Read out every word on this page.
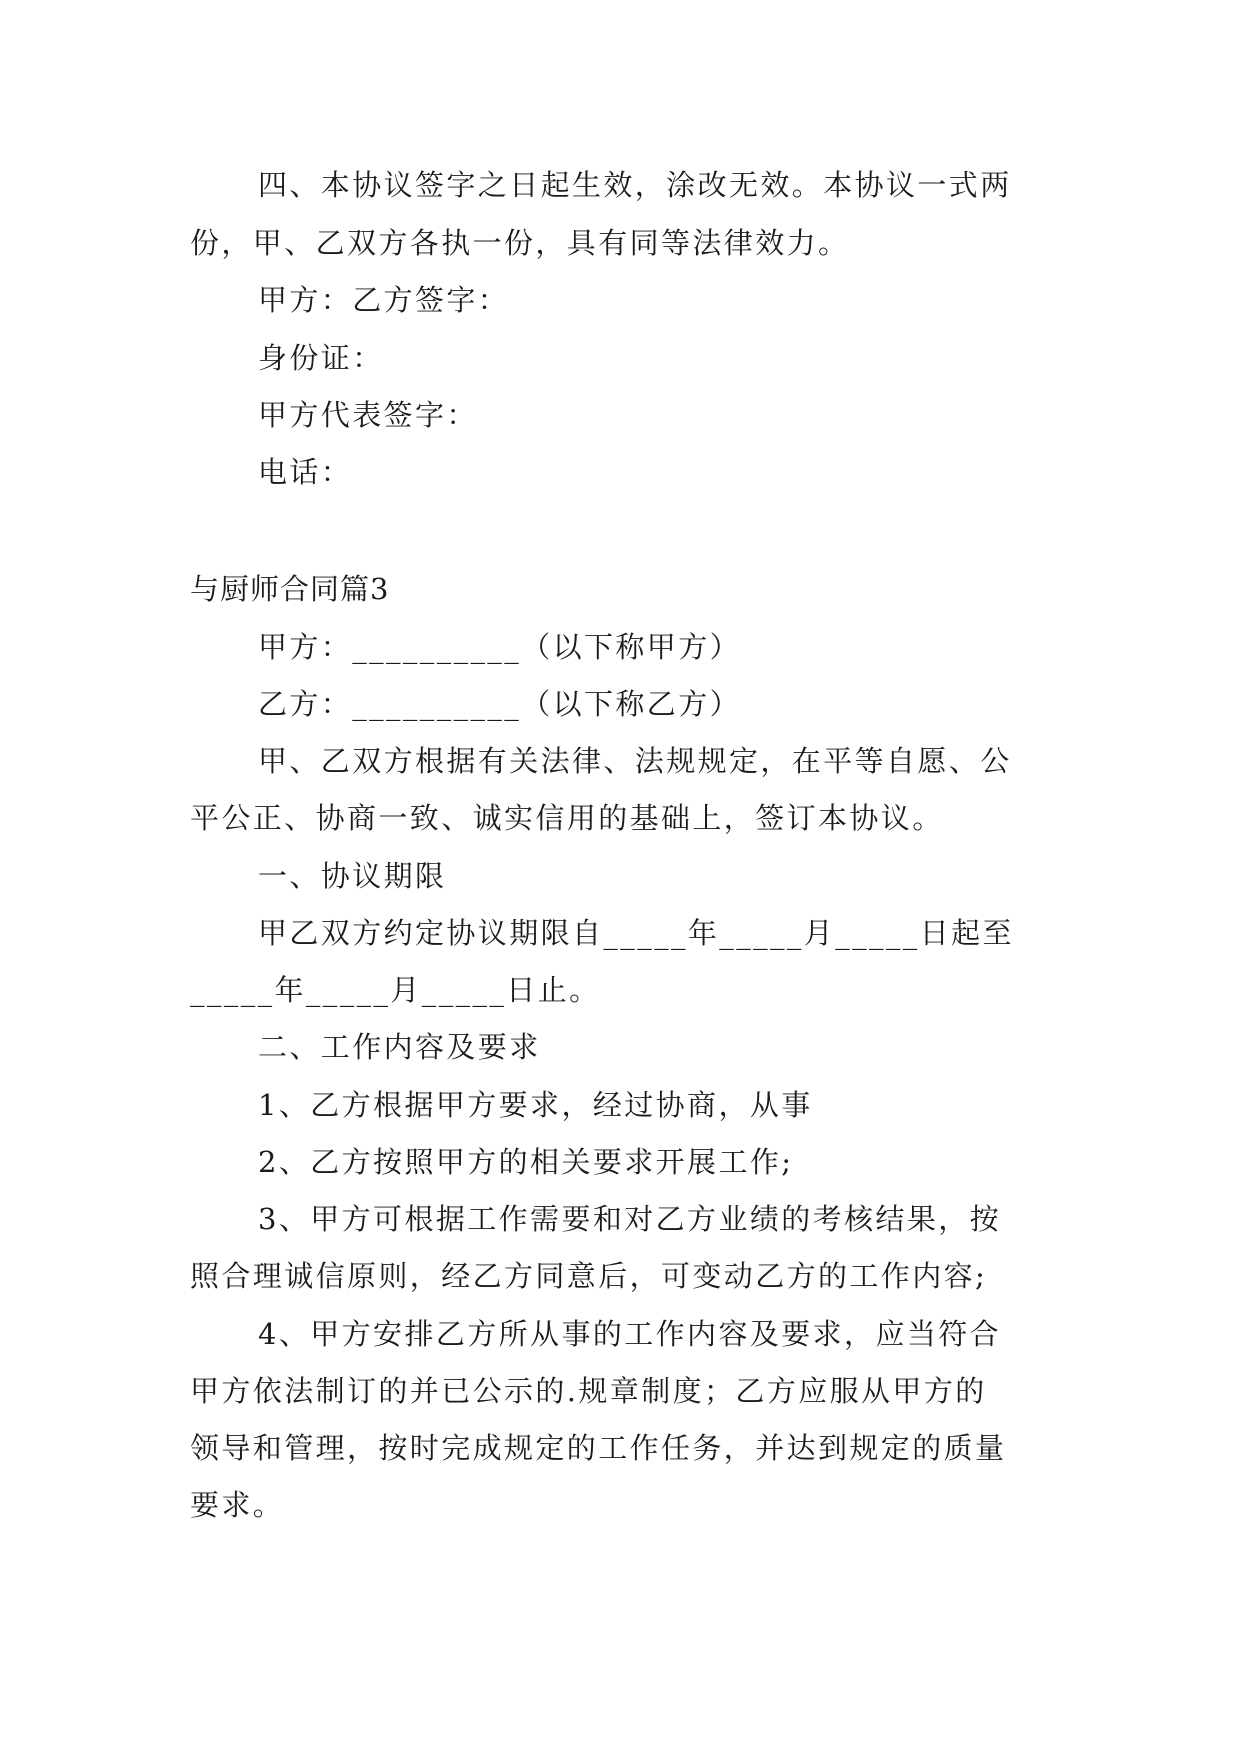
四、本协议签字之日起生效，涂改无效。本协议一式两
份，甲、乙双方各执一份，具有同等法律效力。
甲方：乙方签字：
身份证：
甲方代表签字：
电话：
与厨师合同篇3
甲方：__________（以下称甲方）
乙方：__________（以下称乙方）
甲、乙双方根据有关法律、法规规定，在平等自愿、公
平公正、协商一致、诚实信用的基础上，签订本协议。
一、协议期限
甲乙双方约定协议期限自_____年_____月_____日起至
_____年_____月_____日止。
二、工作内容及要求
1、乙方根据甲方要求，经过协商，从事
2、乙方按照甲方的相关要求开展工作;
3、甲方可根据工作需要和对乙方业绩的考核结果，按
照合理诚信原则，经乙方同意后，可变动乙方的工作内容;
4、甲方安排乙方所从事的工作内容及要求，应当符合
甲方依法制订的并已公示的.规章制度；乙方应服从甲方的
领导和管理，按时完成规定的工作任务，并达到规定的质量
要求。
